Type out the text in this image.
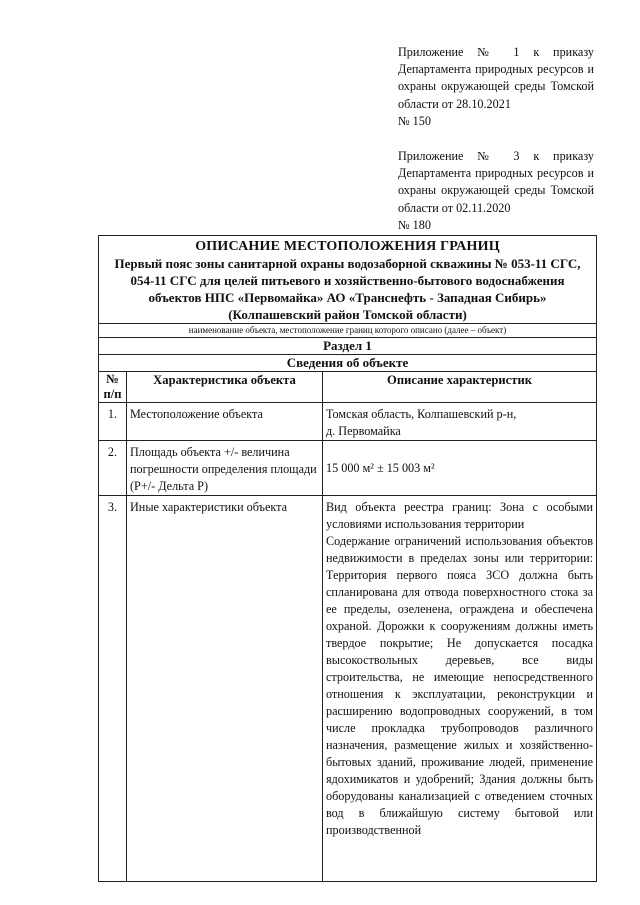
Приложение № 1 к приказу Департамента природных ресурсов и охраны окружающей среды Томской области от 28.10.2021
№ 150
Приложение № 3 к приказу Департамента природных ресурсов и охраны окружающей среды Томской области от 02.11.2020
№ 180
ОПИСАНИЕ МЕСТОПОЛОЖЕНИЯ ГРАНИЦ
Первый пояс зоны санитарной охраны водозаборной скважины № 053-11 СГС, 054-11 СГС для целей питьевого и хозяйственно-бытового водоснабжения объектов НПС «Первомайка» АО «Транснефть - Западная Сибирь» (Колпашевский район Томской области)		

наименование объекта, местоположение границ которого описано (далее – объект)		
Раздел 1		
Сведения об объекте		
№ п/п	Характеристика объекта	Описание характеристик
1.	Местоположение объекта	Томская область, Колпашевский р-н,
д. Первомайка

2.	Площадь объекта +/- величина погрешности определения площади (P+/- Дельта P)	15 000 м² ± 15 003 м²
3.	Иные характеристики объекта	Вид объекта реестра границ: Зона с особыми условиями использования территории

Содержание ограничений использования объектов недвижимости в пределах зоны или территории: Территория первого пояса ЗСО должна быть спланирована для отвода поверхностного стока за ее пределы, озеленена, ограждена и обеспечена охраной. Дорожки к сооружениям должны иметь твердое покрытие; Не допускается посадка высокоствольных деревьев, все виды строительства, не имеющие непосредственного отношения к эксплуатации, реконструкции и расширению водопроводных сооружений, в том числе прокладка трубопроводов различного назначения, размещение жилых и хозяйственно-бытовых зданий, проживание людей, применение ядохимикатов и удобрений; Здания должны быть оборудованы канализацией с отведением сточных вод в ближайшую систему бытовой или производственной
